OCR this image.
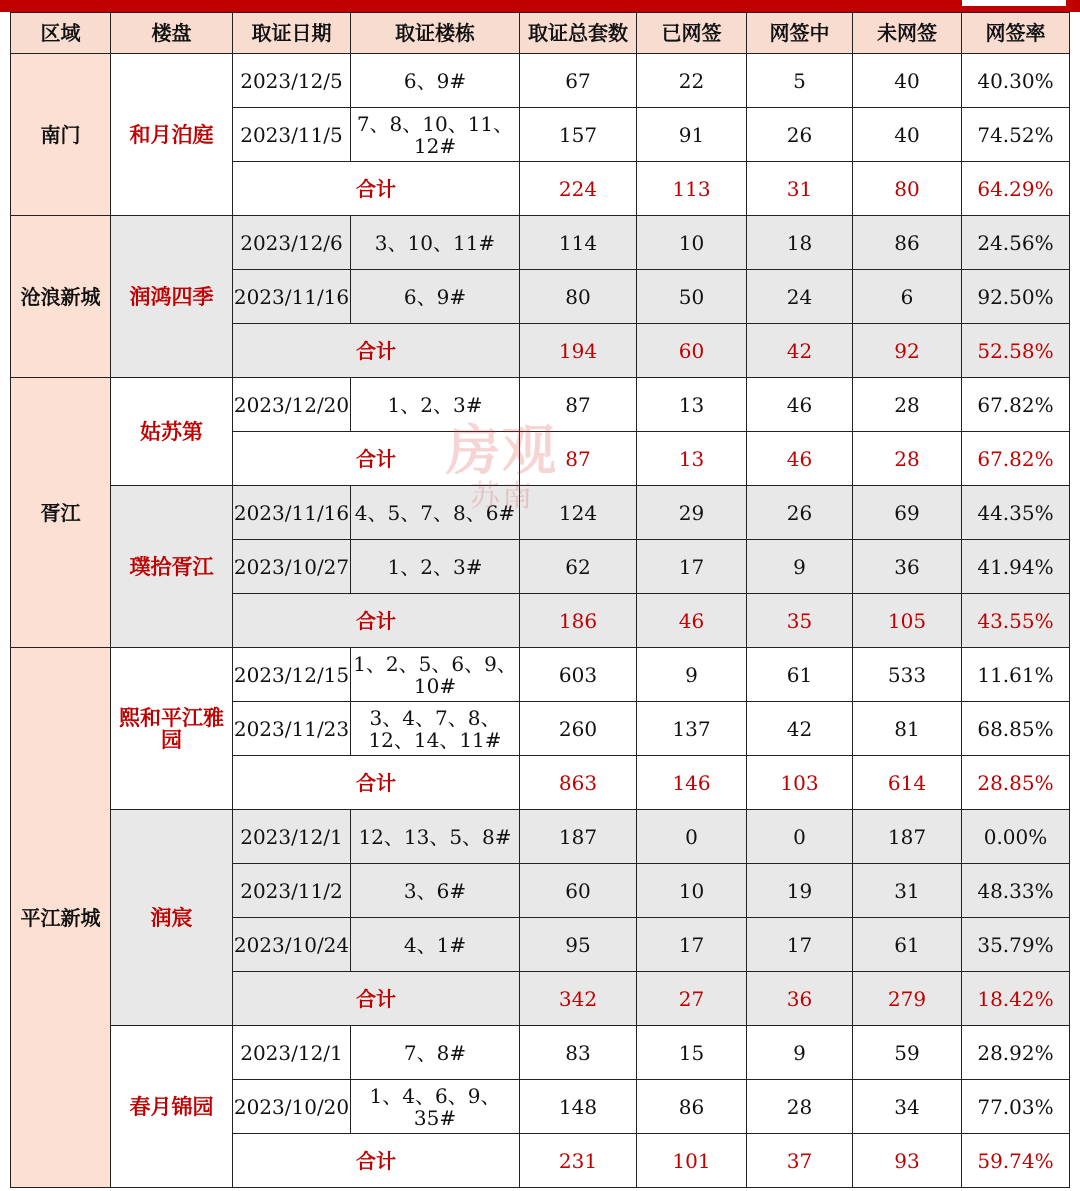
区域	楼盘	取证日期	取证楼栋	取证总套数	已网签	网签中	未网签	网签率
南门	和月泊庭	2023/12/5	6、9#	67	22	5	40	40.30%
		2023/11/5	7、8、10、11、12#	157	91	26	40	74.52%
		合计		224	113	31	80	64.29%
沧浪新城	润鸿四季	2023/12/6	3、10、11#	114	10	18	86	24.56%
		2023/11/16	6、9#	80	50	24	6	92.50%
		合计		194	60	42	92	52.58%
胥江	姑苏第	2023/12/20	1、2、3#	87	13	46	28	67.82%
		合计		87	13	46	28	67.82%
	璞拾胥江	2023/11/16	4、5、7、8、6#	124	29	26	69	44.35%
		2023/10/27	1、2、3#	62	17	9	36	41.94%
		合计		186	46	35	105	43.55%
平江新城	熙和平江雅园	2023/12/15	1、2、5、6、9、10#	603	9	61	533	11.61%
		2023/11/23	3、4、7、8、12、14、11#	260	137	42	81	68.85%
		合计		863	146	103	614	28.85%
	润宸	2023/12/1	12、13、5、8#	187	0	0	187	0.00%
		2023/11/2	3、6#	60	10	19	31	48.33%
		2023/10/24	4、1#	95	17	17	61	35.79%
		合计		342	27	36	279	18.42%
	春月锦园	2023/12/1	7、8#	83	15	9	59	28.92%
		2023/10/20	1、4、6、9、35#	148	86	28	34	77.03%
		合计		231	101	37	93	59.74%
房观
苏南
